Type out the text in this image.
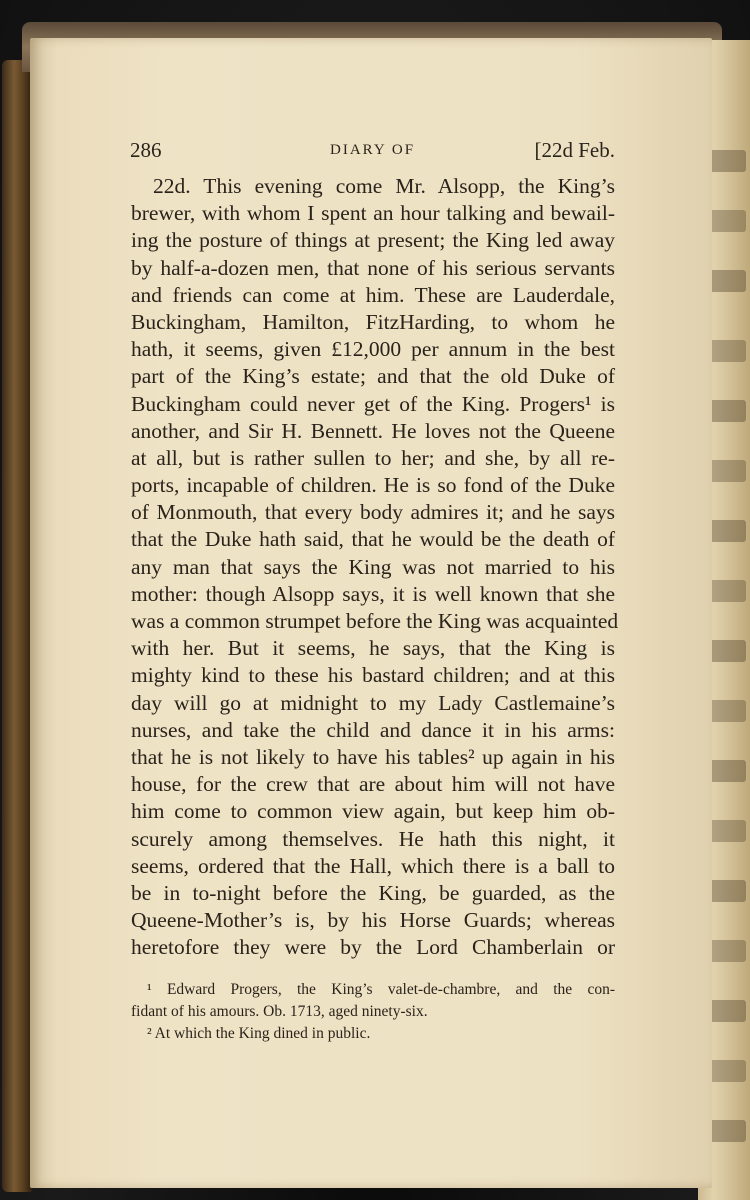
286	DIARY OF	[22d Feb.
22d. This evening come Mr. Alsopp, the King’s
brewer, with whom I spent an hour talking and bewail-
ing the posture of things at present; the King led away
by half-a-dozen men, that none of his serious servants
and friends can come at him. These are Lauderdale,
Buckingham, Hamilton, FitzHarding, to whom he
hath, it seems, given £12,000 per annum in the best
part of the King’s estate; and that the old Duke of
Buckingham could never get of the King. Progers¹ is
another, and Sir H. Bennett. He loves not the Queene
at all, but is rather sullen to her; and she, by all re-
ports, incapable of children. He is so fond of the Duke
of Monmouth, that every body admires it; and he says
that the Duke hath said, that he would be the death of
any man that says the King was not married to his
mother: though Alsopp says, it is well known that she
was a common strumpet before the King was acquainted
with her. But it seems, he says, that the King is
mighty kind to these his bastard children; and at this
day will go at midnight to my Lady Castlemaine’s
nurses, and take the child and dance it in his arms:
that he is not likely to have his tables² up again in his
house, for the crew that are about him will not have
him come to common view again, but keep him ob-
scurely among themselves. He hath this night, it
seems, ordered that the Hall, which there is a ball to
be in to-night before the King, be guarded, as the
Queene-Mother’s is, by his Horse Guards; whereas
heretofore they were by the Lord Chamberlain or
¹ Edward Progers, the King’s valet-de-chambre, and the con-
fidant of his amours. Ob. 1713, aged ninety-six.
² At which the King dined in public.
